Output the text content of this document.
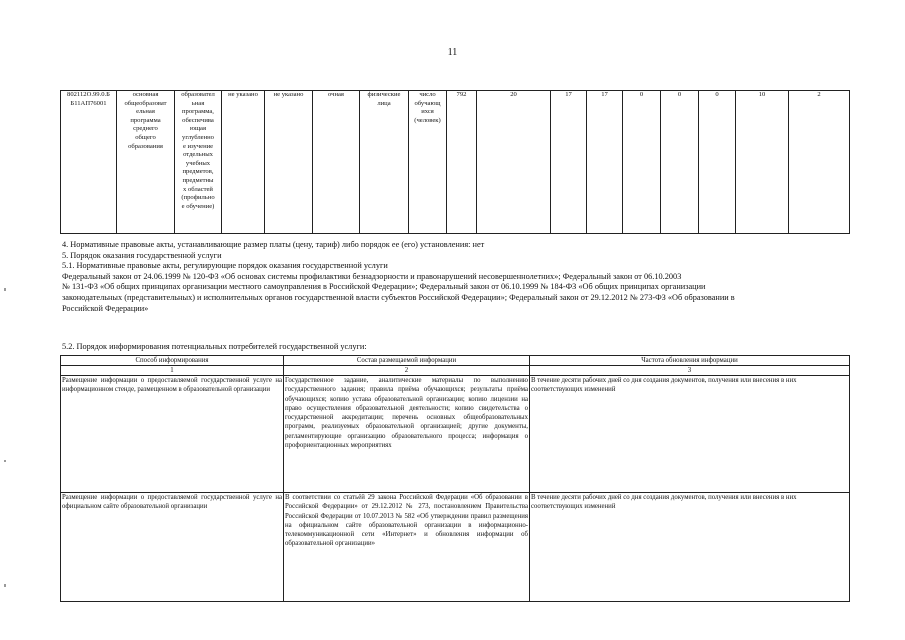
11
802112О.99.0.Б
Б11АП76001	основная
общеобразоват
ельная
программа
среднего
общего
образования	образовател
ьная
программа,
обеспечива
ющая
углубленно
е изучение
отдельных
учебных
предметов,
предметны
х областей
(профильно
е обучение)	не указано	не указано	очная	физические
лица	число
обучающ
ихся
(человек)	792	20	17	17	0	0	0	10	2

4. Нормативные правовые акты, устанавливающие размер платы (цену, тариф) либо порядок ее (его) установления: нет

5. Порядок оказания государственной услуги

5.1. Нормативные правовые акты, регулирующие порядок оказания государственной услуги

Федеральный закон от 24.06.1999 № 120-ФЗ «Об основах системы профилактики безнадзорности и правонарушений несовершеннолетних»; Федеральный закон от 06.10.2003

№ 131-ФЗ «Об общих принципах организации местного самоуправления в Российской Федерации»; Федеральный закон от 06.10.1999 № 184-ФЗ «Об общих принципах организации

законодательных (представительных) и исполнительных органов государственной власти субъектов Российской Федерации»; Федеральный закон от 29.12.2012 № 273-ФЗ «Об образовании в

Российской Федерации»

5.2. Порядок информирования потенциальных потребителей государственной услуги:
Способ информирования	Состав размещаемой информации	Частота обновления информации
1	2	3
Размещение информации о предоставляемой государственной услуге на информационном стенде, размещенном в образовательной организации	Государственное задание, аналитические материалы по выполнению государственного задания; правила приёма обучающихся; результаты приёма обучающихся; копию устава образовательной организации; копию лицензии на право осуществления образовательной деятельности; копию свидетельства о государственной аккредитации; перечень основных общеобразовательных программ, реализуемых образовательной организацией; другие документы, регламентирующие организацию образовательного процесса; информация о профориентационных мероприятиях	В течение десяти рабочих дней со дня создания документов, получения или внесения в них соответствующих изменений
Размещение информации о предоставляемой государственной услуге на официальном сайте образовательной организации	В соответствии со статьёй 29 закона Российской Федерации «Об образовании в Российской Федерации» от 29.12.2012 № 273, постановлением Правительства Российской Федерации от 10.07.2013 № 582 «Об утверждении правил размещения на официальном сайте образовательной организации в информационно-телекоммуникационной сети «Интернет» и обновления информации об образовательной организации»	В течение десяти рабочих дней со дня создания документов, получения или внесения в них соответствующих изменений
